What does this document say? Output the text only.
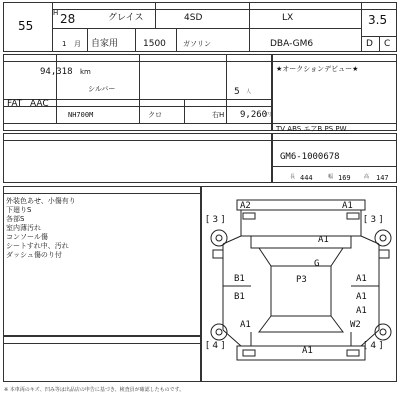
55
H 28
1 月
グレイス	4SD	LX	3.5
自家用	1500 ガソリン	DBA-GM6	D C
94,318 km
シルバー	5 人
FAT AAC
NH700M	クロ	右H 9,260
円
★オークションデビュー★
TV ABS エアB PS PW
GM6-1000678
長 444	幅 169	高 147
外装色あせ、小傷有り
下廻りS
各部S
室内薄汚れ
コンソール傷
シートすれ中、汚れ
ダッシュ傷のり付
A2	A1
A1
G
P3
B1
B1
A1
A1
A1
A1
W2
A1
[ 3 ]	[ 3 ]
[ 4 ]	[ 4 ]
※ 本車両のキズ、凹み等は出品店の申告に基づき、検査員が確認したものです。
